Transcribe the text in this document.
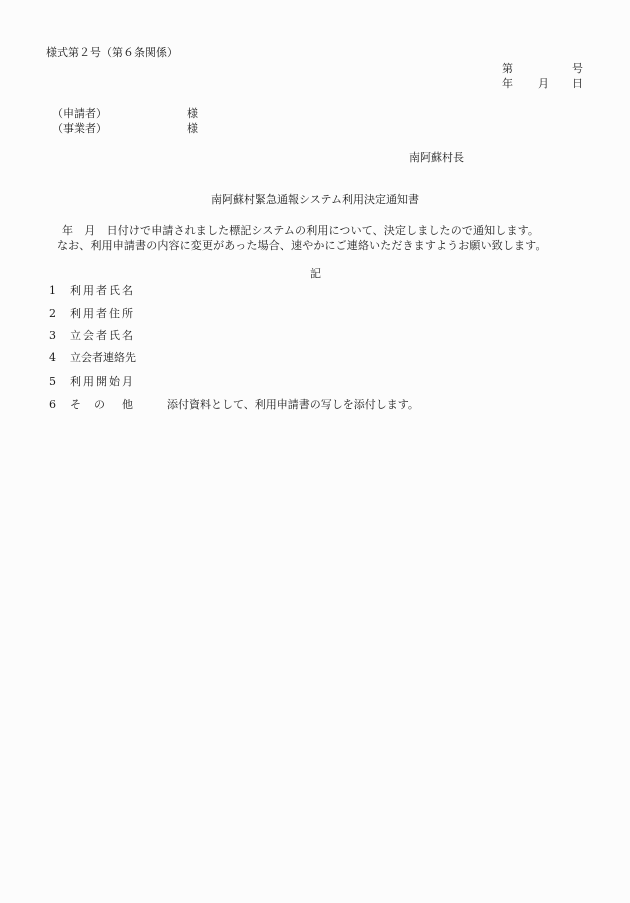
様式第２号（第６条関係）
第	号
年 月 日
（申請者）	様
（事業者）	様
南阿蘇村長
南阿蘇村緊急通報システム利用決定通知書
年　月　日付けで申請されました標記システムの利用について、決定しましたので通知します。
なお、利用申請書の内容に変更があった場合、速やかにご連絡いただきますようお願い致します。
記
1 利用者氏名
2 利用者住所
3 立会者氏名
4 立会者連絡先
5 利用開始月
6 そ の 他	添付資料として、利用申請書の写しを添付します。
